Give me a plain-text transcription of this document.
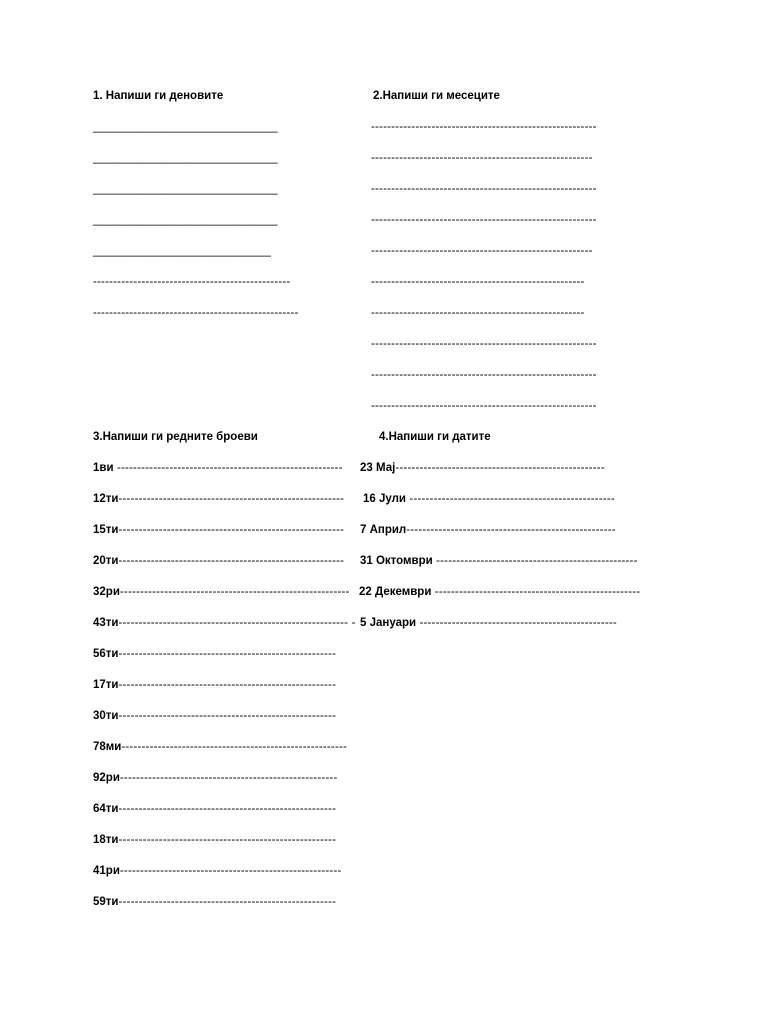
1. Напиши ги деновите
____________________________
____________________________
____________________________
____________________________
___________________________
-------------------------------------------------
---------------------------------------------------
2.Напиши ги месеците
--------------------------------------------------------
-------------------------------------------------------
--------------------------------------------------------
--------------------------------------------------------
-------------------------------------------------------
-----------------------------------------------------
-----------------------------------------------------
--------------------------------------------------------
--------------------------------------------------------
--------------------------------------------------------
3.Напиши ги редните броеви
1ви --------------------------------------------------------
12ти--------------------------------------------------------
15ти--------------------------------------------------------
20ти--------------------------------------------------------
32ри---------------------------------------------------------
43ти--------------------------------------------------------- -
56ти------------------------------------------------------
17ти------------------------------------------------------
30ти------------------------------------------------------
78ми--------------------------------------------------------
92ри------------------------------------------------------
64ти------------------------------------------------------
18ти------------------------------------------------------
41ри-------------------------------------------------------
59ти------------------------------------------------------
4.Напиши ги датите
23 Мај----------------------------------------------------
16 Јули ---------------------------------------------------
7 Април----------------------------------------------------
31 Октомври --------------------------------------------------
22 Декември ---------------------------------------------------
5 Јануари -------------------------------------------------
